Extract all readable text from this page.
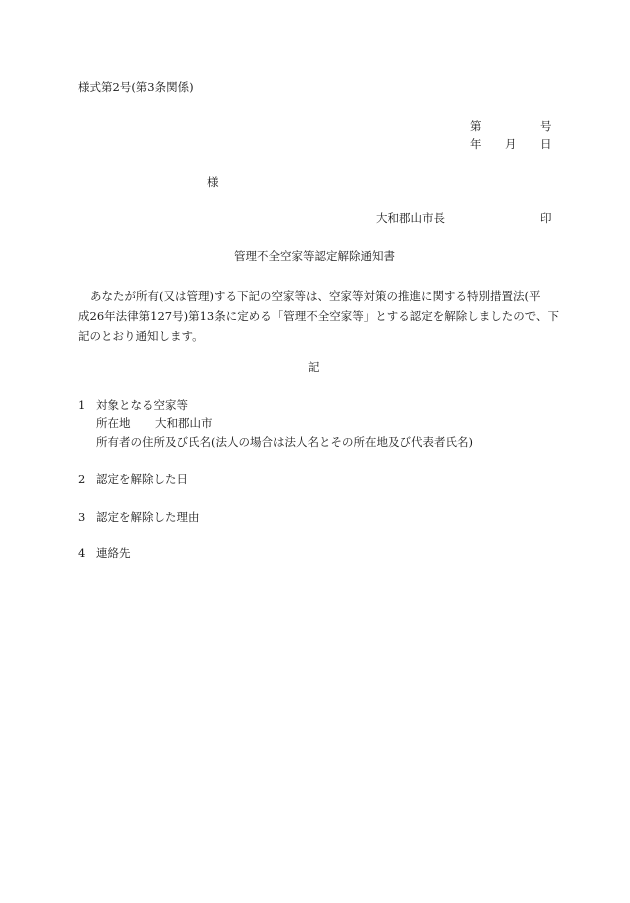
様式第2号(第3条関係)
第	号
年 月 日
様
大和郡山市長	印
管理不全空家等認定解除通知書
あなたが所有(又は管理)する下記の空家等は、空家等対策の推進に関する特別措置法(平
成26年法律第127号)第13条に定める「管理不全空家等」とする認定を解除しましたので、下
記のとおり通知します。
記
1 対象となる空家等
所在地 大和郡山市
所有者の住所及び氏名(法人の場合は法人名とその所在地及び代表者氏名)
2 認定を解除した日
3 認定を解除した理由
4 連絡先
